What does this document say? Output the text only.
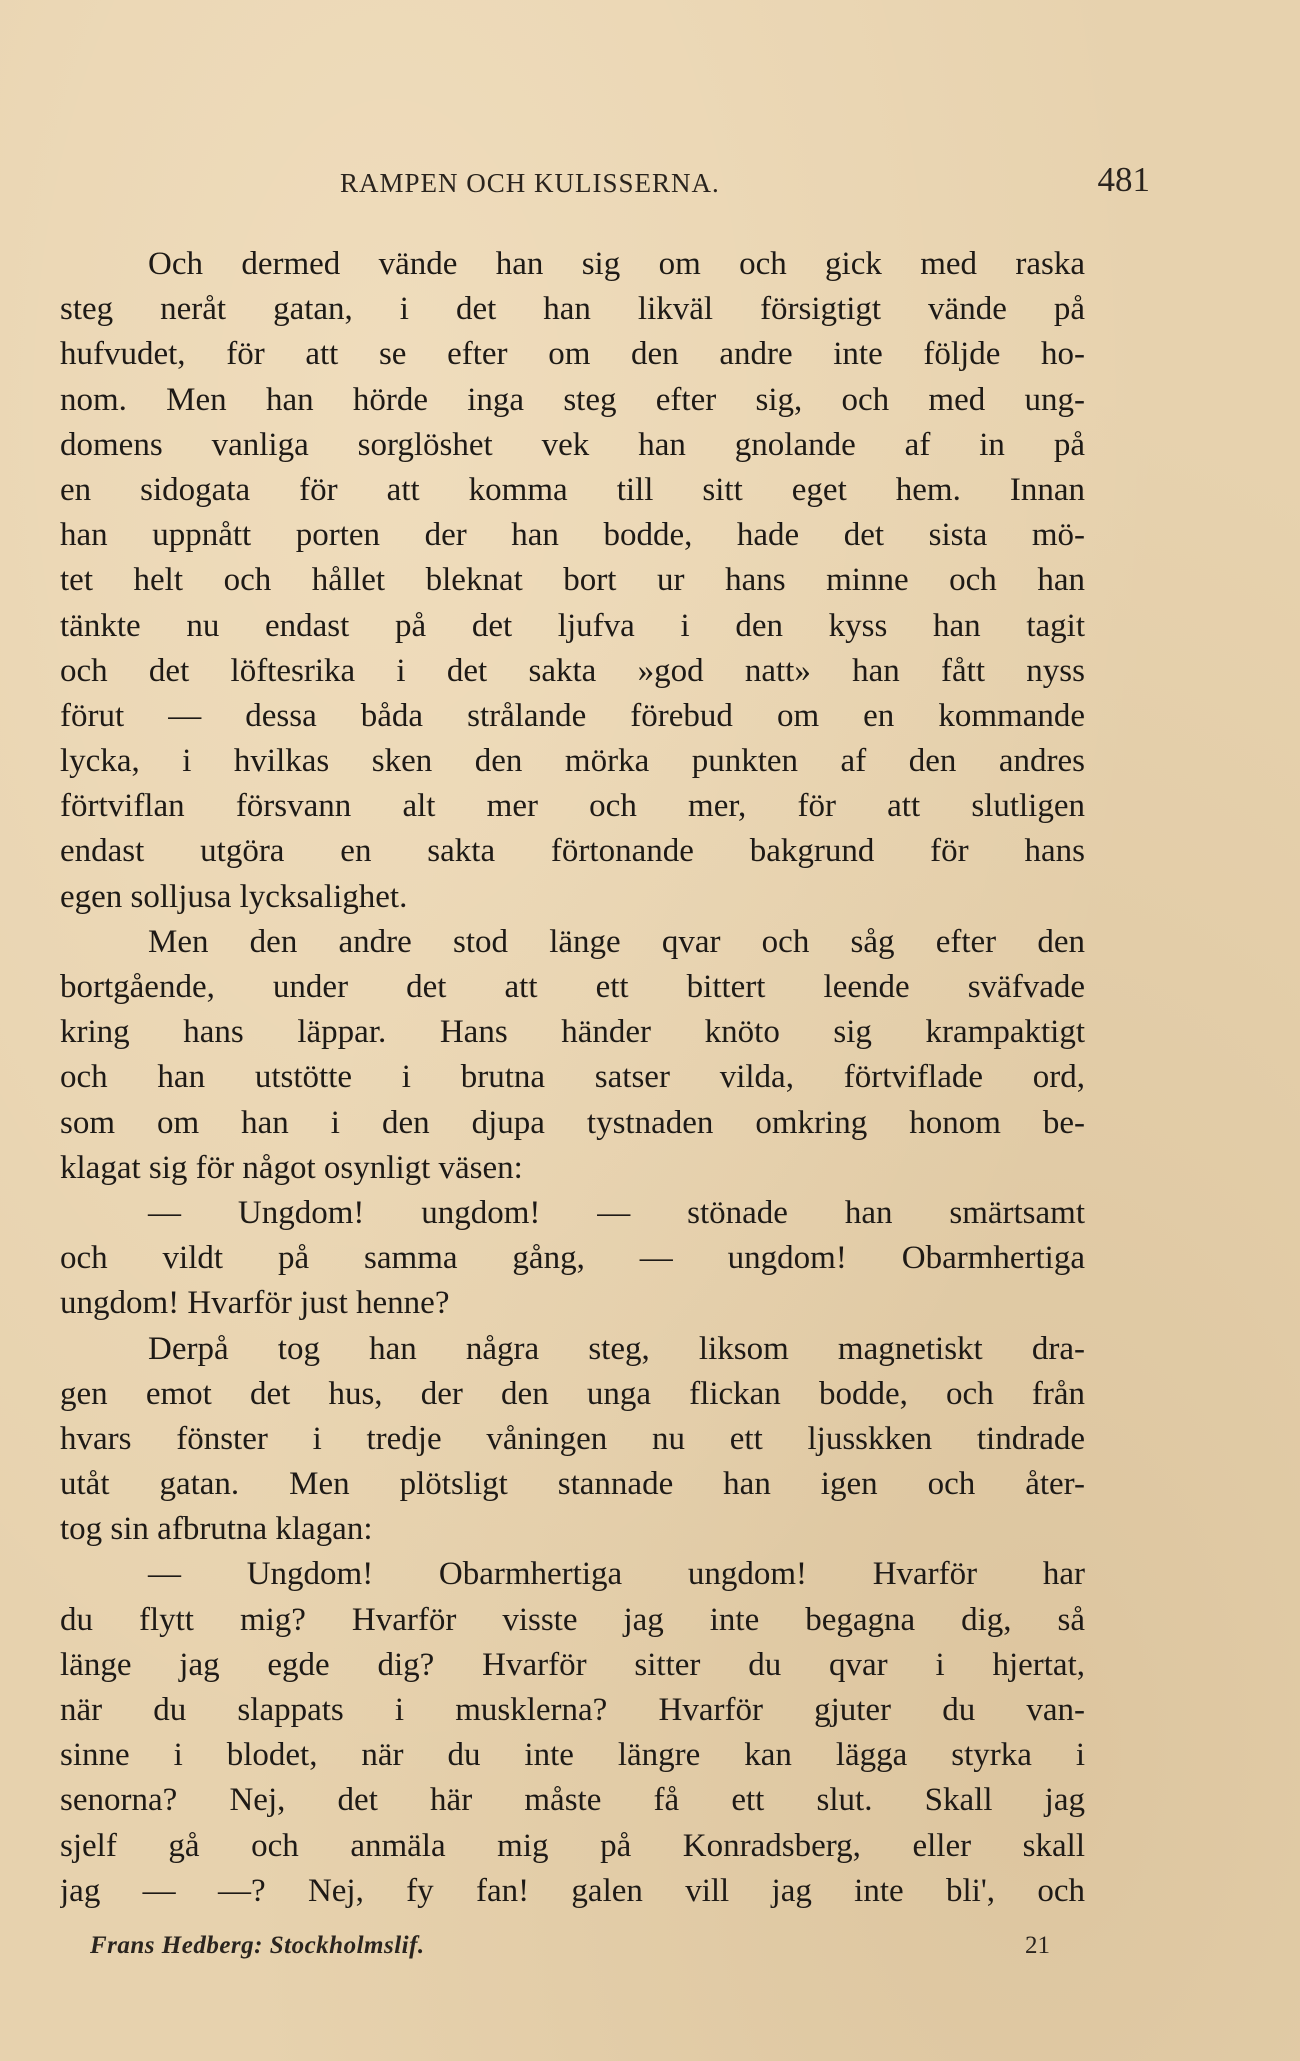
RAMPEN OCH KULISSERNA.	481
Och dermed vände han sig om och gick med raska
steg neråt gatan, i det han likväl försigtigt vände på
hufvudet, för att se efter om den andre inte följde ho-
nom. Men han hörde inga steg efter sig, och med ung-
domens vanliga sorglöshet vek han gnolande af in på
en sidogata för att komma till sitt eget hem. Innan
han uppnått porten der han bodde, hade det sista mö-
tet helt och hållet bleknat bort ur hans minne och han
tänkte nu endast på det ljufva i den kyss han tagit
och det löftesrika i det sakta »god natt» han fått nyss
förut — dessa båda strålande förebud om en kommande
lycka, i hvilkas sken den mörka punkten af den andres
förtviflan försvann alt mer och mer, för att slutligen
endast utgöra en sakta förtonande bakgrund för hans
egen solljusa lycksalighet.
Men den andre stod länge qvar och såg efter den
bortgående, under det att ett bittert leende sväfvade
kring hans läppar. Hans händer knöto sig krampaktigt
och han utstötte i brutna satser vilda, förtviflade ord,
som om han i den djupa tystnaden omkring honom be-
klagat sig för något osynligt väsen:
— Ungdom! ungdom! — stönade han smärtsamt
och vildt på samma gång, — ungdom! Obarmhertiga
ungdom! Hvarför just henne?
Derpå tog han några steg, liksom magnetiskt dra-
gen emot det hus, der den unga flickan bodde, och från
hvars fönster i tredje våningen nu ett ljusskken tindrade
utåt gatan. Men plötsligt stannade han igen och åter-
tog sin afbrutna klagan:
— Ungdom! Obarmhertiga ungdom! Hvarför har
du flytt mig? Hvarför visste jag inte begagna dig, så
länge jag egde dig? Hvarför sitter du qvar i hjertat,
när du slappats i musklerna? Hvarför gjuter du van-
sinne i blodet, när du inte längre kan lägga styrka i
senorna? Nej, det här måste få ett slut. Skall jag
sjelf gå och anmäla mig på Konradsberg, eller skall
jag — —? Nej, fy fan! galen vill jag inte bli', och
Frans Hedberg: Stockholmslif.	21
